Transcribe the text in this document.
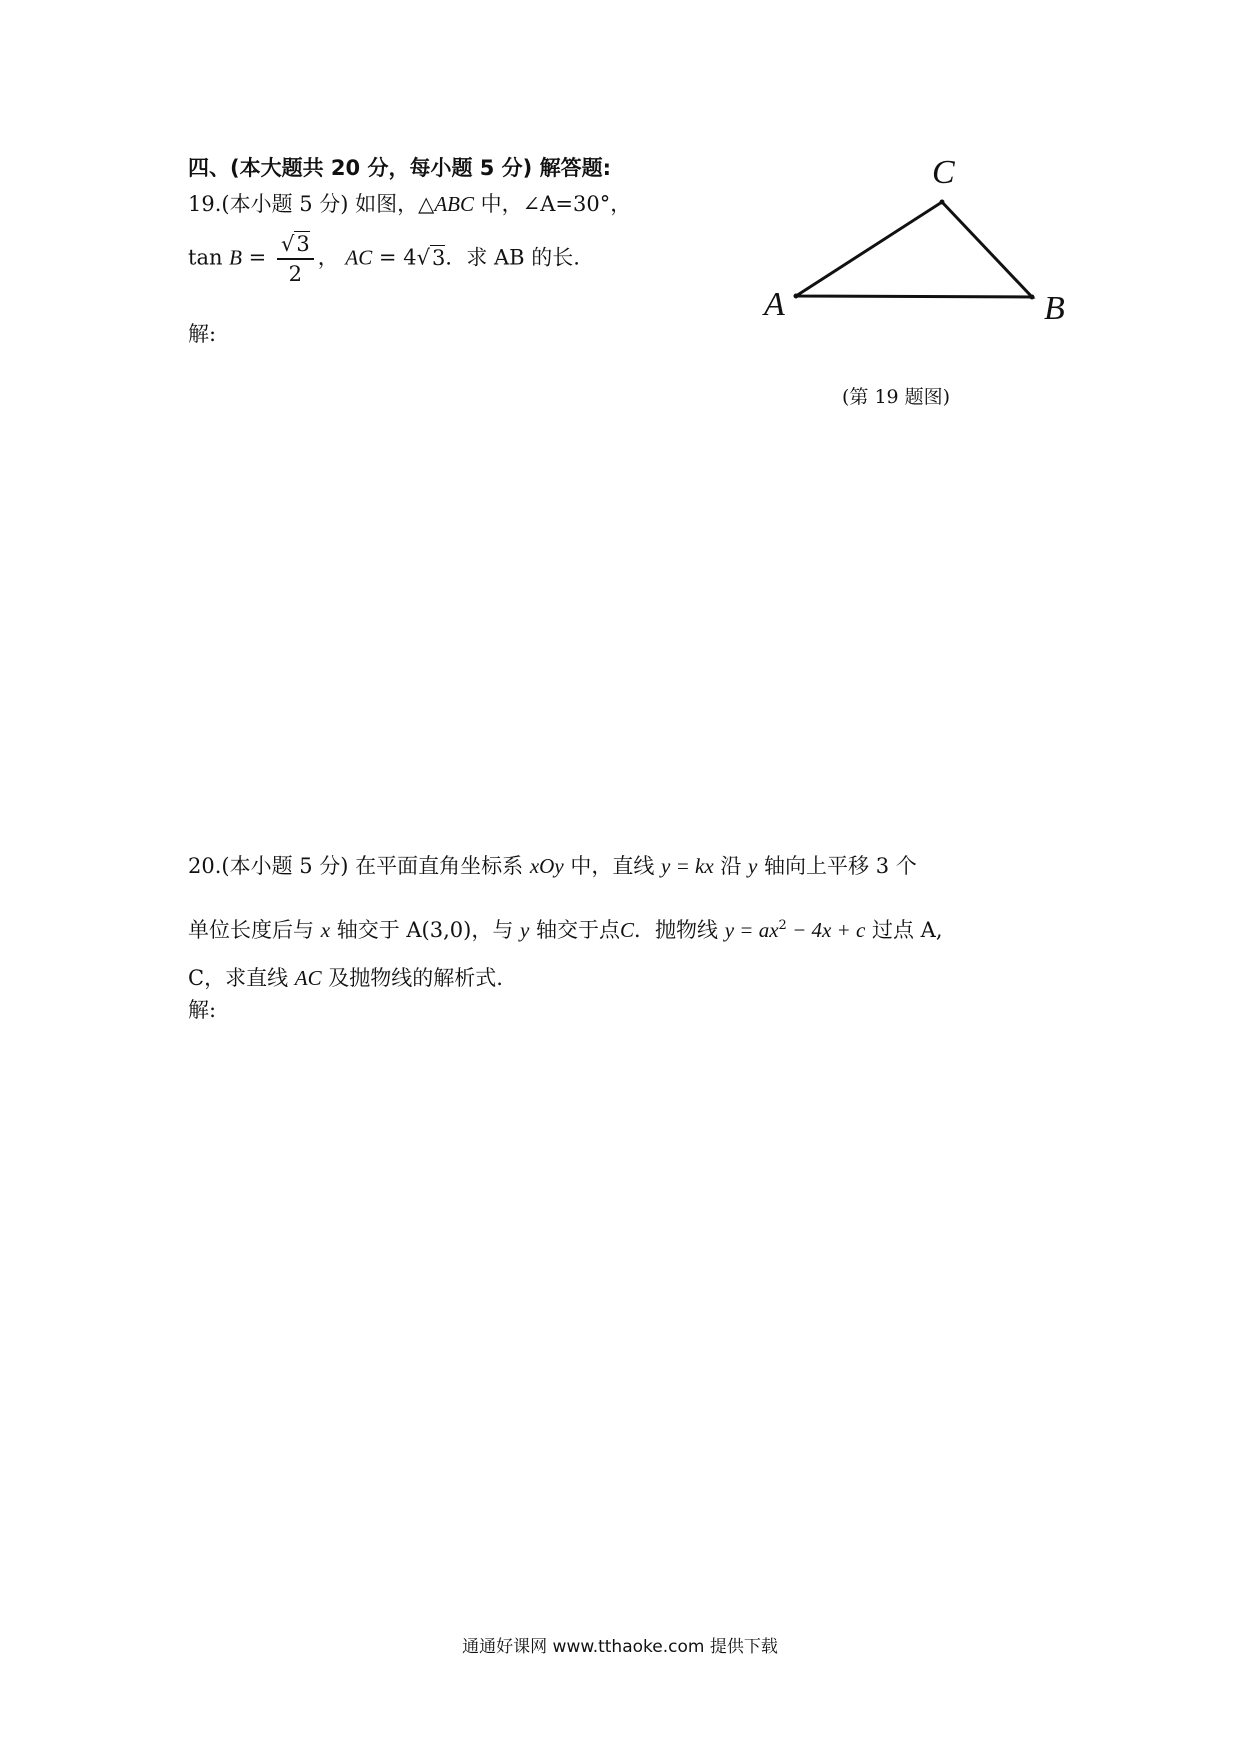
四、(本大题共 20 分，每小题 5 分) 解答题:
19.(本小题 5 分) 如图，△ABC 中，∠A=30°，
$\tan B = \frac{√3}{2}$ ， AC = 4√3．求 AB 的长.
解:
A	B
C
(第 19 题图)
20.(本小题 5 分) 在平面直角坐标系 xOy 中，直线 y = kx 沿 y 轴向上平移 3 个
单位长度后与 x 轴交于 A(3,0)，与 y 轴交于点C．抛物线 $y = ax^2 - 4x + c$ 过点 A,
C，求直线 AC 及抛物线的解析式.
解:
通通好课网 www.tthaoke.com 提供下载
